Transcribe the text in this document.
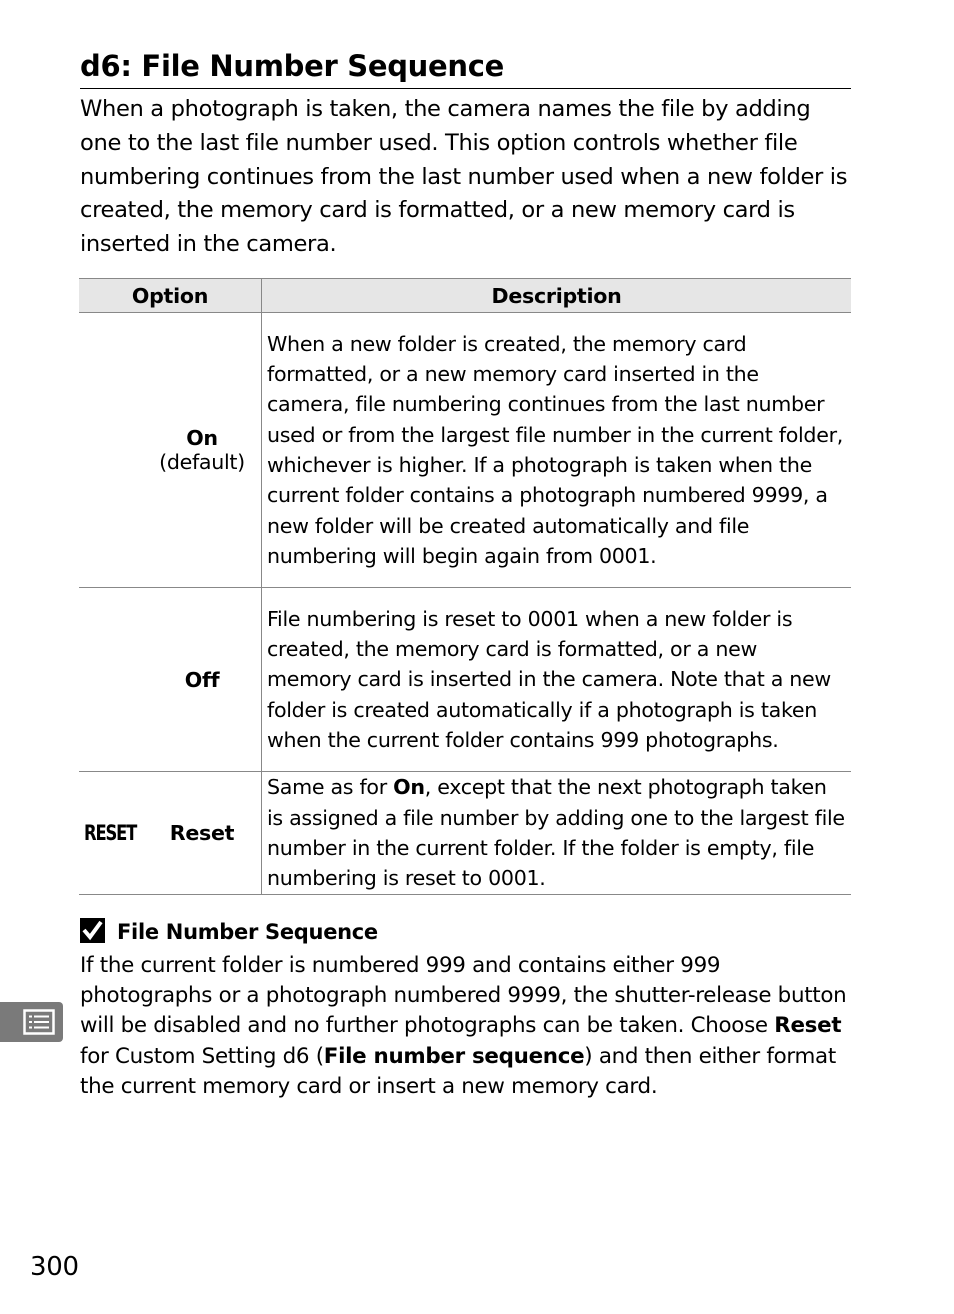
d6: File Number Sequence
When a photograph is taken, the camera names the file by adding one to the last file number used. This option controls whether file numbering continues from the last number used when a new folder is created, the memory card is formatted, or a new memory card is inserted in the camera.
Option	Description

On
(default)	When a new folder is created, the memory card formatted, or a new memory card inserted in the camera, file numbering continues from the last number used or from the largest file number in the current folder, whichever is higher. If a photograph is taken when the current folder contains a photograph numbered 9999, a new folder will be created automatically and file numbering will begin again from 0001.

Off	File numbering is reset to 0001 when a new folder is created, the memory card is formatted, or a new memory card is inserted in the camera. Note that a new folder is created automatically if a photograph is taken when the current folder contains 999 photographs.

RESET Reset	Same as for On, except that the next photograph taken is assigned a file number by adding one to the largest file number in the current folder. If the folder is empty, file numbering is reset to 0001.
File Number Sequence
If the current folder is numbered 999 and contains either 999 photographs or a photograph numbered 9999, the shutter-release button will be disabled and no further photographs can be taken. Choose Reset for Custom Setting d6 (File number sequence) and then either format the current memory card or insert a new memory card.
300
